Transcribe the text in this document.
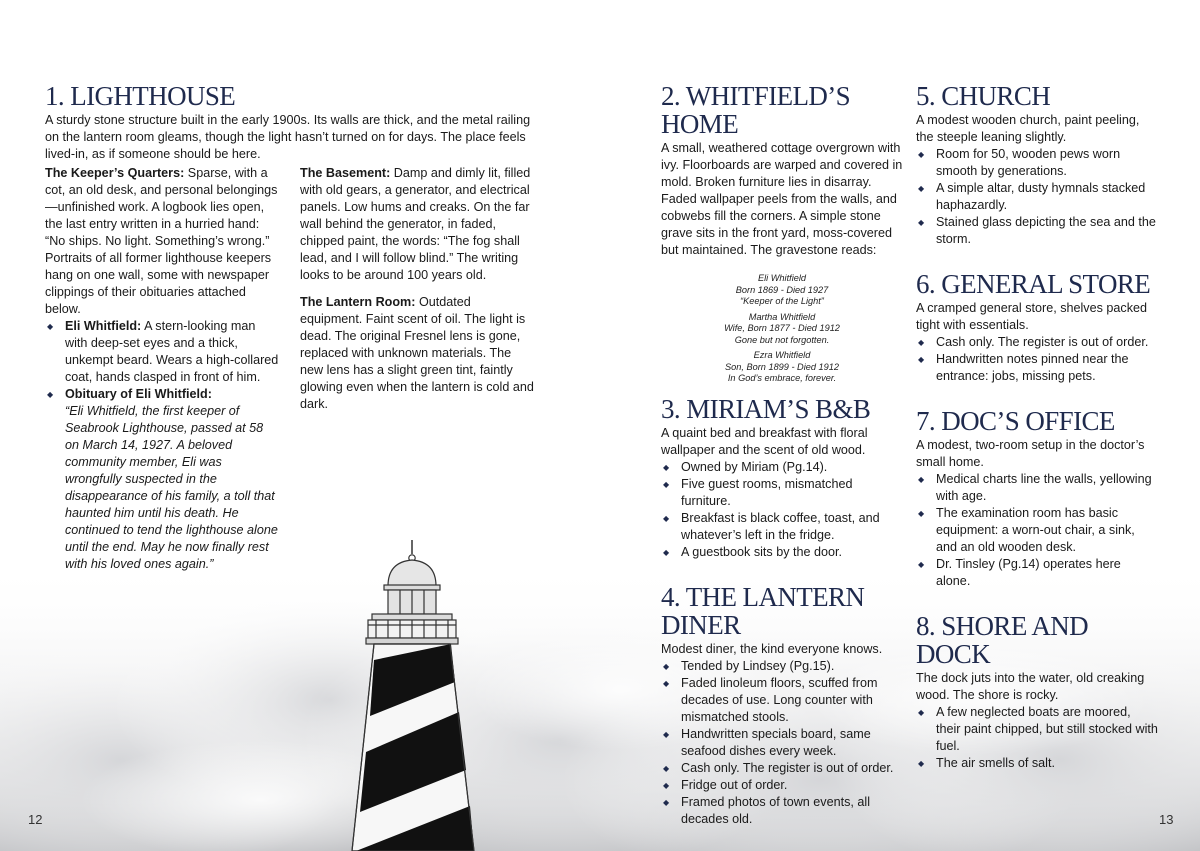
1. LIGHTHOUSE

A sturdy stone structure built in the early 1900s. Its walls are thick, and the metal railing on the lantern room gleams, though the light hasn’t turned on for days. The place feels lived-in, as if someone should be here.

The Keeper’s Quarters: Sparse, with a cot, an old desk, and personal belongings—unfinished work. A logbook lies open, the last entry written in a hurried hand: “No ships. No light. Something’s wrong.” Portraits of all former lighthouse keepers hang on one wall, some with newspaper clippings of their obituaries attached below.

◆ Eli Whitfield: A stern-looking man with deep-set eyes and a thick, unkempt beard. Wears a high-collared coat, hands clasped in front of him.
◆ Obituary of Eli Whitfield:

“Eli Whitfield, the first keeper of Seabrook Lighthouse, passed at 58 on March 14, 1927. A beloved community member, Eli was wrongfully suspected in the disappearance of his family, a toll that haunted him until his death. He continued to tend the lighthouse alone until the end. May he now finally rest with his loved ones again.”

The Basement: Damp and dimly lit, filled with old gears, a generator, and electrical panels. Low hums and creaks. On the far wall behind the generator, in faded, chipped paint, the words: “The fog shall lead, and I will follow blind.” The writing looks to be around 100 years old.

The Lantern Room: Outdated equipment. Faint scent of oil. The light is dead. The original Fresnel lens is gone, replaced with unknown materials. The new lens has a slight green tint, faintly glowing even when the lantern is cold and dark.

12
2. WHITFIELD’S HOME

A small, weathered cottage overgrown with ivy. Floorboards are warped and covered in mold. Broken furniture lies in disarray. Faded wallpaper peels from the walls, and cobwebs fill the corners. A simple stone grave sits in the front yard, moss-covered but maintained. The gravestone reads:

Eli Whitfield
Born 1869 - Died 1927
“Keeper of the Light”
Martha Whitfield
Wife, Born 1877 - Died 1912
Gone but not forgotten.
Ezra Whitfield
Son, Born 1899 - Died 1912
In God’s embrace, forever.
3. MIRIAM’S B&B

A quaint bed and breakfast with floral wallpaper and the scent of old wood.

◆ Owned by Miriam (Pg.14).
◆ Five guest rooms, mismatched furniture.
◆ Breakfast is black coffee, toast, and whatever’s left in the fridge.
◆ A guestbook sits by the door.
4. THE LANTERN DINER

Modest diner, the kind everyone knows.

◆ Tended by Lindsey (Pg.15).
◆ Faded linoleum floors, scuffed from decades of use. Long counter with mismatched stools.
◆ Handwritten specials board, same seafood dishes every week.
◆ Cash only. The register is out of order.
◆ Fridge out of order.
◆ Framed photos of town events, all decades old.
5. CHURCH

A modest wooden church, paint peeling, the steeple leaning slightly.

◆ Room for 50, wooden pews worn smooth by generations.
◆ A simple altar, dusty hymnals stacked haphazardly.
◆ Stained glass depicting the sea and the storm.
6. GENERAL STORE

A cramped general store, shelves packed tight with essentials.

◆ Cash only. The register is out of order.
◆ Handwritten notes pinned near the entrance: jobs, missing pets.
7. DOC’S OFFICE

A modest, two-room setup in the doctor’s small home.

◆ Medical charts line the walls, yellowing with age.
◆ The examination room has basic equipment: a worn-out chair, a sink, and an old wooden desk.
◆ Dr. Tinsley (Pg.14) operates here alone.
8. SHORE AND DOCK

The dock juts into the water, old creaking wood. The shore is rocky.

◆ A few neglected boats are moored, their paint chipped, but still stocked with fuel.
◆ The air smells of salt.
13
